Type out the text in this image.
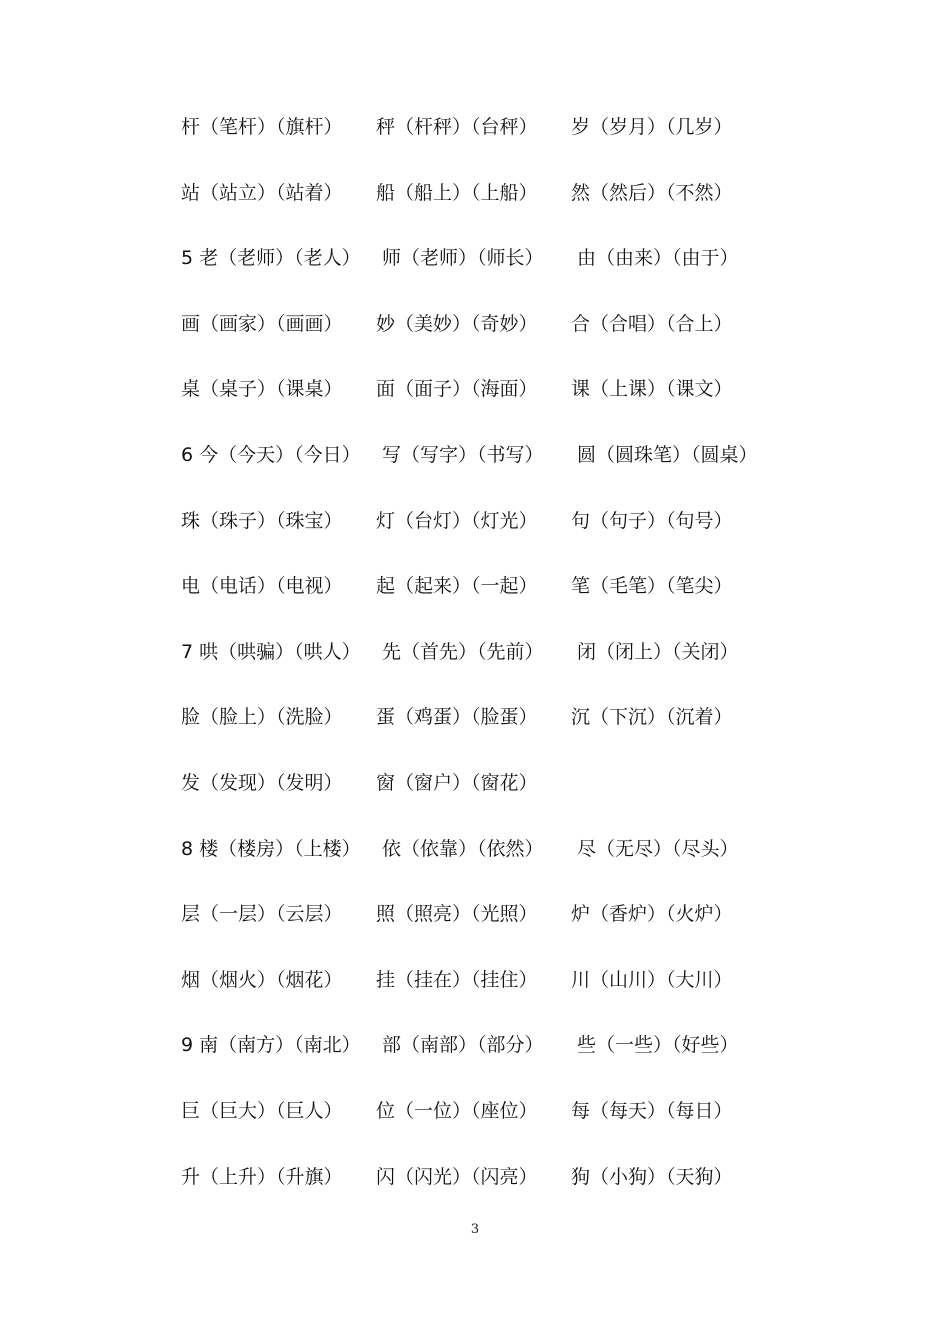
杆（笔杆）（旗杆） 秤（杆秤）（台秤） 岁（岁月）（几岁）
站（站立）（站着） 船（船上）（上船） 然（然后）（不然）
5 老（老师）（老人） 师（老师）（师长） 由（由来）（由于）
画（画家）（画画） 妙（美妙）（奇妙） 合（合唱）（合上）
桌（桌子）（课桌） 面（面子）（海面） 课（上课）（课文）
6 今（今天）（今日） 写（写字）（书写） 圆（圆珠笔）（圆桌）
珠（珠子）（珠宝） 灯（台灯）（灯光） 句（句子）（句号）
电（电话）（电视） 起（起来）（一起） 笔（毛笔）（笔尖）
7 哄（哄骗）（哄人） 先（首先）（先前） 闭（闭上）（关闭）
脸（脸上）（洗脸） 蛋（鸡蛋）（脸蛋） 沉（下沉）（沉着）
发（发现）（发明） 窗（窗户）（窗花）
8 楼（楼房）（上楼） 依（依靠）（依然） 尽（无尽）（尽头）
层（一层）（云层） 照（照亮）（光照） 炉（香炉）（火炉）
烟（烟火）（烟花） 挂（挂在）（挂住） 川（山川）（大川）
9 南（南方）（南北） 部（南部）（部分） 些（一些）（好些）
巨（巨大）（巨人） 位（一位）（座位） 每（每天）（每日）
升（上升）（升旗） 闪（闪光）（闪亮） 狗（小狗）（天狗）
3
